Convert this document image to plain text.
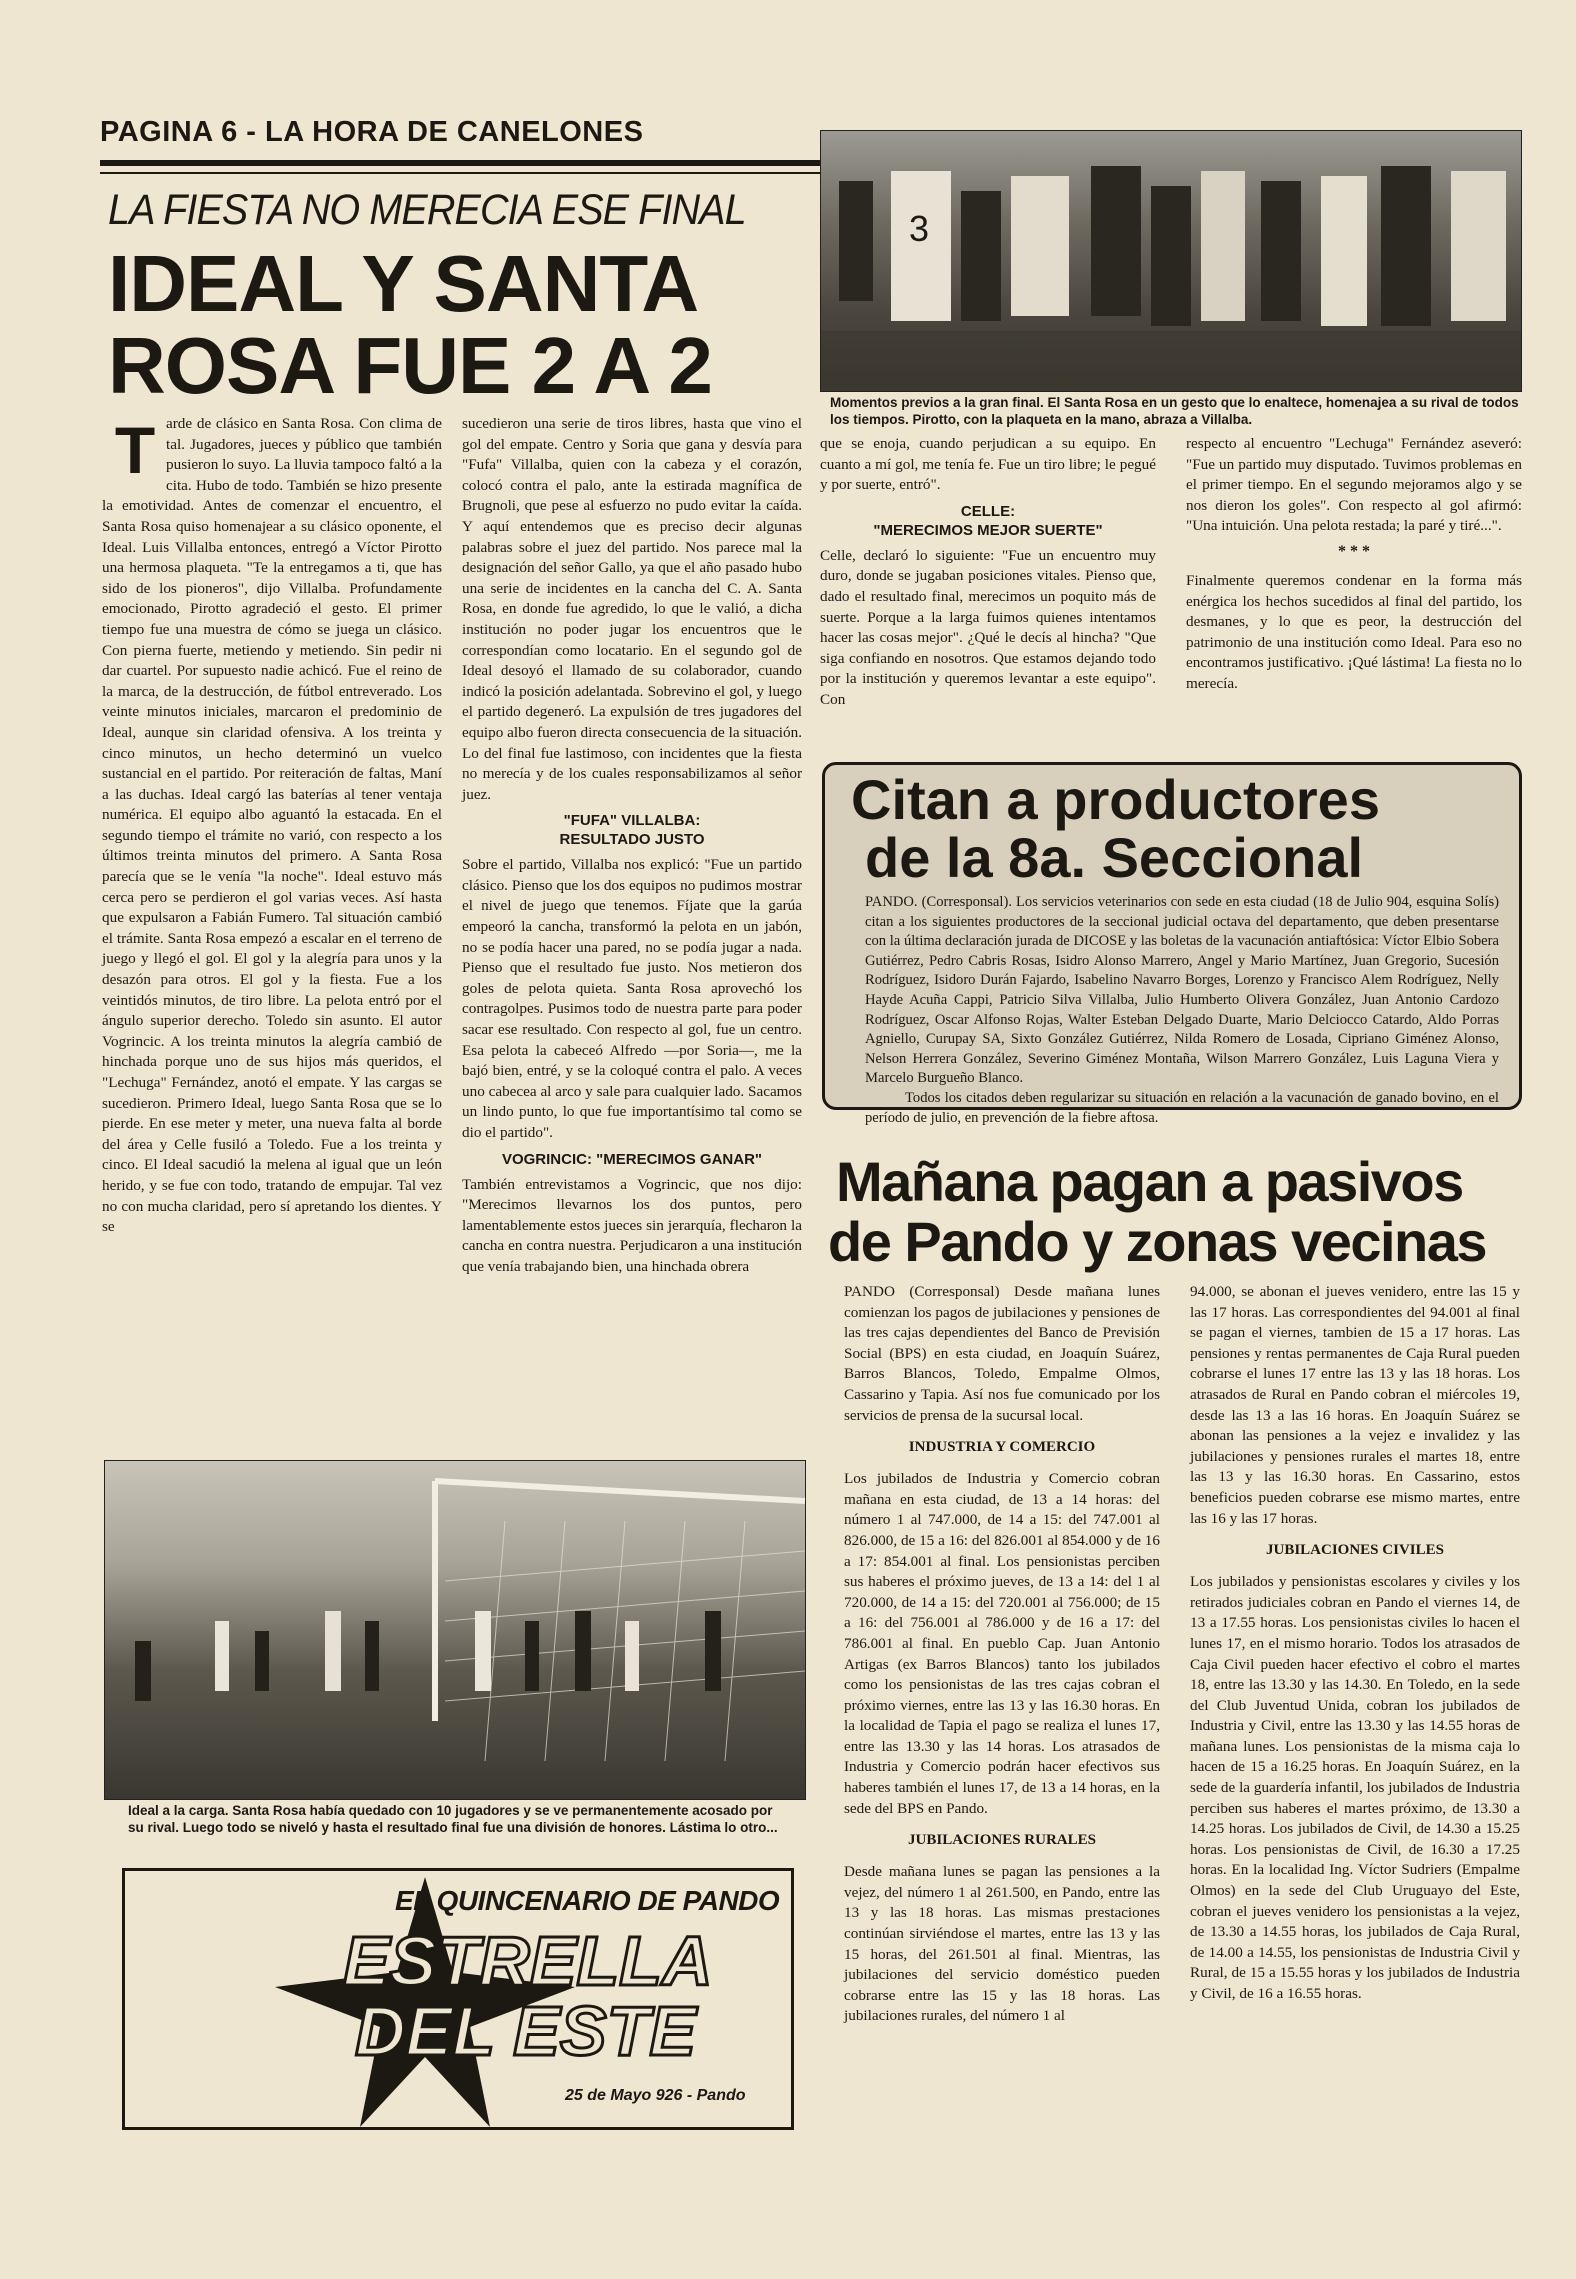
PAGINA 6 - LA HORA DE CANELONES
LA FIESTA NO MERECIA ESE FINAL
IDEAL Y SANTA
ROSA FUE 2 A 2
3
Momentos previos a la gran final. El Santa Rosa en un gesto que lo enaltece, homenajea a su rival de todos los tiempos. Pirotto, con la plaqueta en la mano, abraza a Villalba.
T arde de clásico en Santa Rosa. Con clima de tal. Jugadores, jueces y público que también pusieron lo suyo. La lluvia tampoco faltó a la cita. Hubo de todo. También se hizo presente la emotividad. Antes de comenzar el encuentro, el Santa Rosa quiso homenajear a su clásico oponente, el Ideal. Luis Villalba entonces, entregó a Víctor Pirotto una hermosa plaqueta. "Te la entregamos a ti, que has sido de los pioneros", dijo Villalba. Profundamente emocionado, Pirotto agradeció el gesto. El primer tiempo fue una muestra de cómo se juega un clásico. Con pierna fuerte, metiendo y metiendo. Sin pedir ni dar cuartel. Por supuesto nadie achicó. Fue el reino de la marca, de la destrucción, de fútbol entreverado. Los veinte minutos iniciales, marcaron el predominio de Ideal, aunque sin claridad ofensiva. A los treinta y cinco minutos, un hecho determinó un vuelco sustancial en el partido. Por reiteración de faltas, Maní a las duchas. Ideal cargó las baterías al tener ventaja numérica. El equipo albo aguantó la estacada. En el segundo tiempo el trámite no varió, con respecto a los últimos treinta minutos del primero. A Santa Rosa parecía que se le venía "la noche". Ideal estuvo más cerca pero se perdieron el gol varias veces. Así hasta que expulsaron a Fabián Fumero. Tal situación cambió el trámite. Santa Rosa empezó a escalar en el terreno de juego y llegó el gol. El gol y la alegría para unos y la desazón para otros. El gol y la fiesta. Fue a los veintidós minutos, de tiro libre. La pelota entró por el ángulo superior derecho. Toledo sin asunto. El autor Vogrincic. A los treinta minutos la alegría cambió de hinchada porque uno de sus hijos más queridos, el "Lechuga" Fernández, anotó el empate. Y las cargas se sucedieron. Primero Ideal, luego Santa Rosa que se lo pierde. En ese meter y meter, una nueva falta al borde del área y Celle fusiló a Toledo. Fue a los treinta y cinco. El Ideal sacudió la melena al igual que un león herido, y se fue con todo, tratando de empujar. Tal vez no con mucha claridad, pero sí apretando los dientes. Y se

sucedieron una serie de tiros libres, hasta que vino el gol del empate. Centro y Soria que gana y desvía para "Fufa" Villalba, quien con la cabeza y el corazón, colocó contra el palo, ante la estirada magnífica de Brugnoli, que pese al esfuerzo no pudo evitar la caída. Y aquí entendemos que es preciso decir algunas palabras sobre el juez del partido. Nos parece mal la designación del señor Gallo, ya que el año pasado hubo una serie de incidentes en la cancha del C. A. Santa Rosa, en donde fue agredido, lo que le valió, a dicha institución no poder jugar los encuentros que le correspondían como locatario. En el segundo gol de Ideal desoyó el llamado de su colaborador, cuando indicó la posición adelantada. Sobrevino el gol, y luego el partido degeneró. La expulsión de tres jugadores del equipo albo fueron directa consecuencia de la situación. Lo del final fue lastimoso, con incidentes que la fiesta no merecía y de los cuales responsabilizamos al señor juez.

"FUFA" VILLALBA: RESULTADO JUSTO

Sobre el partido, Villalba nos explicó: "Fue un partido clásico. Pienso que los dos equipos no pudimos mostrar el nivel de juego que tenemos. Fíjate que la garúa empeoró la cancha, transformó la pelota en un jabón, no se podía hacer una pared, no se podía jugar a nada. Pienso que el resultado fue justo. Nos metieron dos goles de pelota quieta. Santa Rosa aprovechó los contragolpes. Pusimos todo de nuestra parte para poder sacar ese resultado. Con respecto al gol, fue un centro. Esa pelota la cabeceó Alfredo —por Soria—, me la bajó bien, entré, y se la coloqué contra el palo. A veces uno cabecea al arco y sale para cualquier lado. Sacamos un lindo punto, lo que fue importantísimo tal como se dio el partido".

VOGRINCIC: "MERECIMOS GANAR"

También entrevistamos a Vogrincic, que nos dijo: "Merecimos llevarnos los dos puntos, pero lamentablemente estos jueces sin jerarquía, flecharon la cancha en contra nuestra. Perjudicaron a una institución que venía trabajando bien, una hinchada obrera

que se enoja, cuando perjudican a su equipo. En cuanto a mí gol, me tenía fe. Fue un tiro libre; le pegué y por suerte, entró".

CELLE:
"MERECIMOS MEJOR SUERTE"

Celle, declaró lo siguiente: "Fue un encuentro muy duro, donde se jugaban posiciones vitales. Pienso que, dado el resultado final, merecimos un poquito más de suerte. Porque a la larga fuimos quienes intentamos hacer las cosas mejor". ¿Qué le decís al hincha? "Que siga confiando en nosotros. Que estamos dejando todo por la institución y queremos levantar a este equipo". Con

respecto al encuentro "Lechuga" Fernández aseveró: "Fue un partido muy disputado. Tuvimos problemas en el primer tiempo. En el segundo mejoramos algo y se nos dieron los goles". Con respecto al gol afirmó: "Una intuición. Una pelota restada; la paré y tiré...".

* * *

Finalmente queremos condenar en la forma más enérgica los hechos sucedidos al final del partido, los desmanes, y lo que es peor, la destrucción del patrimonio de una institución como Ideal. Para eso no encontramos justificativo. ¡Qué lástima! La fiesta no lo merecía.

Citan a productores
de la 8a. Seccional

PANDO. (Corresponsal). Los servicios veterinarios con sede en esta ciudad (18 de Julio 904, esquina Solís) citan a los siguientes productores de la seccional judicial octava del departamento, que deben presentarse con la última declaración jurada de DICOSE y las boletas de la vacunación antiaftósica: Víctor Elbio Sobera Gutiérrez, Pedro Cabris Rosas, Isidro Alonso Marrero, Angel y Mario Martínez, Juan Gregorio, Sucesión Rodríguez, Isidoro Durán Fajardo, Isabelino Navarro Borges, Lorenzo y Francisco Alem Rodríguez, Nelly Hayde Acuña Cappi, Patricio Silva Villalba, Julio Humberto Olivera González, Juan Antonio Cardozo Rodríguez, Oscar Alfonso Rojas, Walter Esteban Delgado Duarte, Mario Delcioсco Catardo, Aldo Porras Agniello, Curupay SA, Sixto González Gutiérrez, Nilda Romero de Losada, Cipriano Giménez Alonso, Nelson Herrera González, Severino Giménez Montaña, Wilson Marrero González, Luis Laguna Viera y Marcelo Burgueño Blanco.

Todos los citados deben regularizar su situación en relación a la vacunación de ganado bovino, en el período de julio, en prevención de la fiebre aftosa.

Mañana pagan a pasivos
de Pando y zonas vecinas

PANDO (Corresponsal) Desde mañana lunes comienzan los pagos de jubilaciones y pensiones de las tres cajas dependientes del Banco de Previsión Social (BPS) en esta ciudad, en Joaquín Suárez, Barros Blancos, Toledo, Empalme Olmos, Cassarino y Tapia. Así nos fue comunicado por los servicios de prensa de la sucursal local.

INDUSTRIA Y COMERCIO

Los jubilados de Industria y Comercio cobran mañana en esta ciudad, de 13 a 14 horas: del número 1 al 747.000, de 14 a 15: del 747.001 al 826.000, de 15 a 16: del 826.001 al 854.000 y de 16 a 17: 854.001 al final. Los pensionistas perciben sus haberes el próximo jueves, de 13 a 14: del 1 al 720.000, de 14 a 15: del 720.001 al 756.000; de 15 a 16: del 756.001 al 786.000 y de 16 a 17: del 786.001 al final. En pueblo Cap. Juan Antonio Artigas (ex Barros Blancos) tanto los jubilados como los pensionistas de las tres cajas cobran el próximo viernes, entre las 13 y las 16.30 horas. En la localidad de Tapia el pago se realiza el lunes 17, entre las 13.30 y las 14 horas. Los atrasados de Industria y Comercio podrán hacer efectivos sus haberes también el lunes 17, de 13 a 14 horas, en la sede del BPS en Pando.

JUBILACIONES RURALES

Desde mañana lunes se pagan las pensiones a la vejez, del número 1 al 261.500, en Pando, entre las 13 y las 18 horas. Las mismas prestaciones continúan sirviéndose el martes, entre las 13 y las 15 horas, del 261.501 al final. Mientras, las jubilaciones del servicio doméstico pueden cobrarse entre las 15 y las 18 horas. Las jubilaciones rurales, del número 1 al

94.000, se abonan el jueves venidero, entre las 15 y las 17 horas. Las correspondientes del 94.001 al final se pagan el viernes, tambien de 15 a 17 horas. Las pensiones y rentas permanentes de Caja Rural pueden cobrarse el lunes 17 entre las 13 y las 18 horas. Los atrasados de Rural en Pando cobran el miércoles 19, desde las 13 a las 16 horas. En Joaquín Suárez se abonan las pensiones a la vejez e invalidez y las jubilaciones y pensiones rurales el martes 18, entre las 13 y las 16.30 horas. En Cassarino, estos beneficios pueden cobrarse ese mismo martes, entre las 16 y las 17 horas.

JUBILACIONES CIVILES

Los jubilados y pensionistas escolares y civiles y los retirados judiciales cobran en Pando el viernes 14, de 13 a 17.55 horas. Los pensionistas civiles lo hacen el lunes 17, en el mismo horario. Todos los atrasados de Caja Civil pueden hacer efectivo el cobro el martes 18, entre las 13.30 y las 14.30. En Toledo, en la sede del Club Juventud Unida, cobran los jubilados de Industria y Civil, entre las 13.30 y las 14.55 horas de mañana lunes. Los pensionistas de la misma caja lo hacen de 15 a 16.25 horas. En Joaquín Suárez, en la sede de la guardería infantil, los jubilados de Industria perciben sus haberes el martes próximo, de 13.30 a 14.25 horas. Los jubilados de Civil, de 14.30 a 15.25 horas. Los pensionistas de Civil, de 16.30 a 17.25 horas. En la localidad Ing. Víctor Sudriers (Empalme Olmos) en la sede del Club Uruguayo del Este, cobran el jueves venidero los pensionistas a la vejez, de 13.30 a 14.55 horas, los jubilados de Caja Rural, de 14.00 a 14.55, los pensionistas de Industria Civil y Rural, de 15 a 15.55 horas y los jubilados de Industria y Civil, de 16 a 16.55 horas.

Ideal a la carga. Santa Rosa había quedado con 10 jugadores y se ve permanentemente acosado por su rival. Luego todo se niveló y hasta el resultado final fue una división de honores. Lástima lo otro...
EL QUINCENARIO DE PANDO
ESTRELLA
DEL ESTE
25 de Mayo 926 - Pando
